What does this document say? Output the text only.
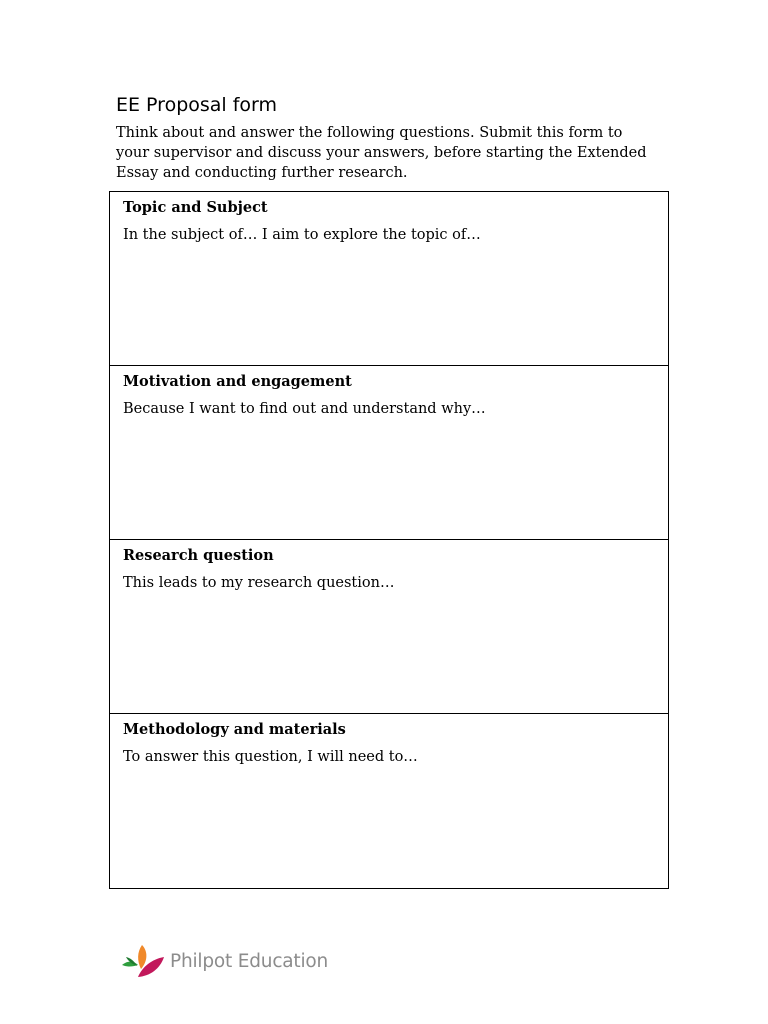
EE Proposal form

Think about and answer the following questions. Submit this form to your supervisor and discuss your answers, before starting the Extended Essay and conducting further research.

Topic and Subject

In the subject of… I aim to explore the topic of…

Motivation and engagement

Because I want to find out and understand why…

Research question

This leads to my research question…

Methodology and materials

To answer this question, I will need to…

Philpot Education
